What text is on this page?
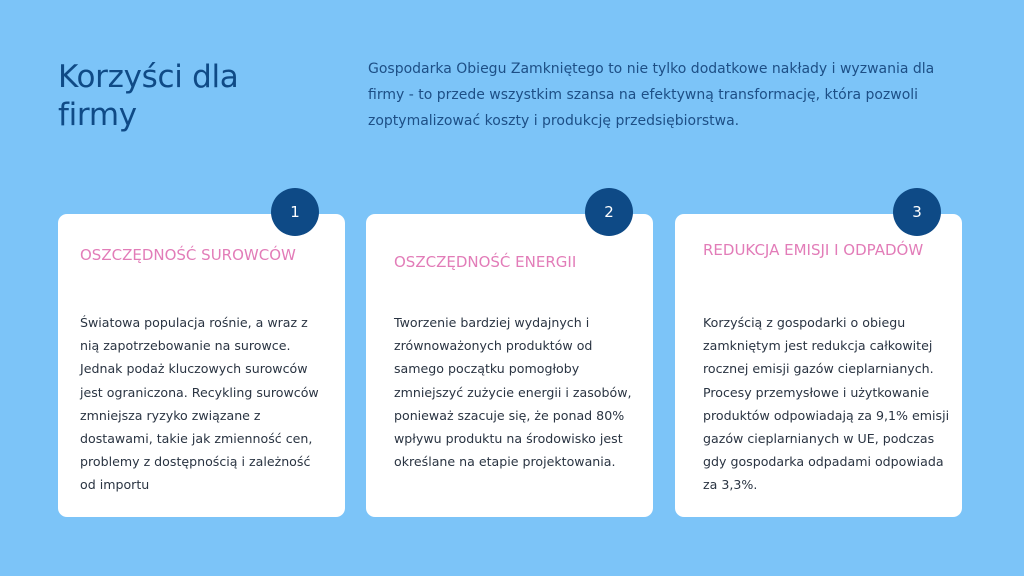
Korzyści dla firmy

Gospodarka Obiegu Zamkniętego to nie tylko dodatkowe nakłady i wyzwania dla firmy - to przede wszystkim szansa na efektywną transformację, która pozwoli zoptymalizować koszty i produkcję przedsiębiorstwa.

1
OSZCZĘDNOŚĆ SUROWCÓW

Światowa populacja rośnie, a wraz z nią zapotrzebowanie na surowce. Jednak podaż kluczowych surowców jest ograniczona. Recykling surowców zmniejsza ryzyko związane z dostawami, takie jak zmienność cen, problemy z dostępnością i zależność od importu

2
OSZCZĘDNOŚĆ ENERGII

Tworzenie bardziej wydajnych i zrównoważonych produktów od samego początku pomogłoby zmniejszyć zużycie energii i zasobów, ponieważ szacuje się, że ponad 80% wpływu produktu na środowisko jest określane na etapie projektowania.

3
REDUKCJA EMISJI I ODPADÓW

Korzyścią z gospodarki o obiegu zamkniętym jest redukcja całkowitej rocznej emisji gazów cieplarnianych. Procesy przemysłowe i użytkowanie produktów odpowiadają za 9,1% emisji gazów cieplarnianych w UE, podczas gdy gospodarka odpadami odpowiada za 3,3%.
